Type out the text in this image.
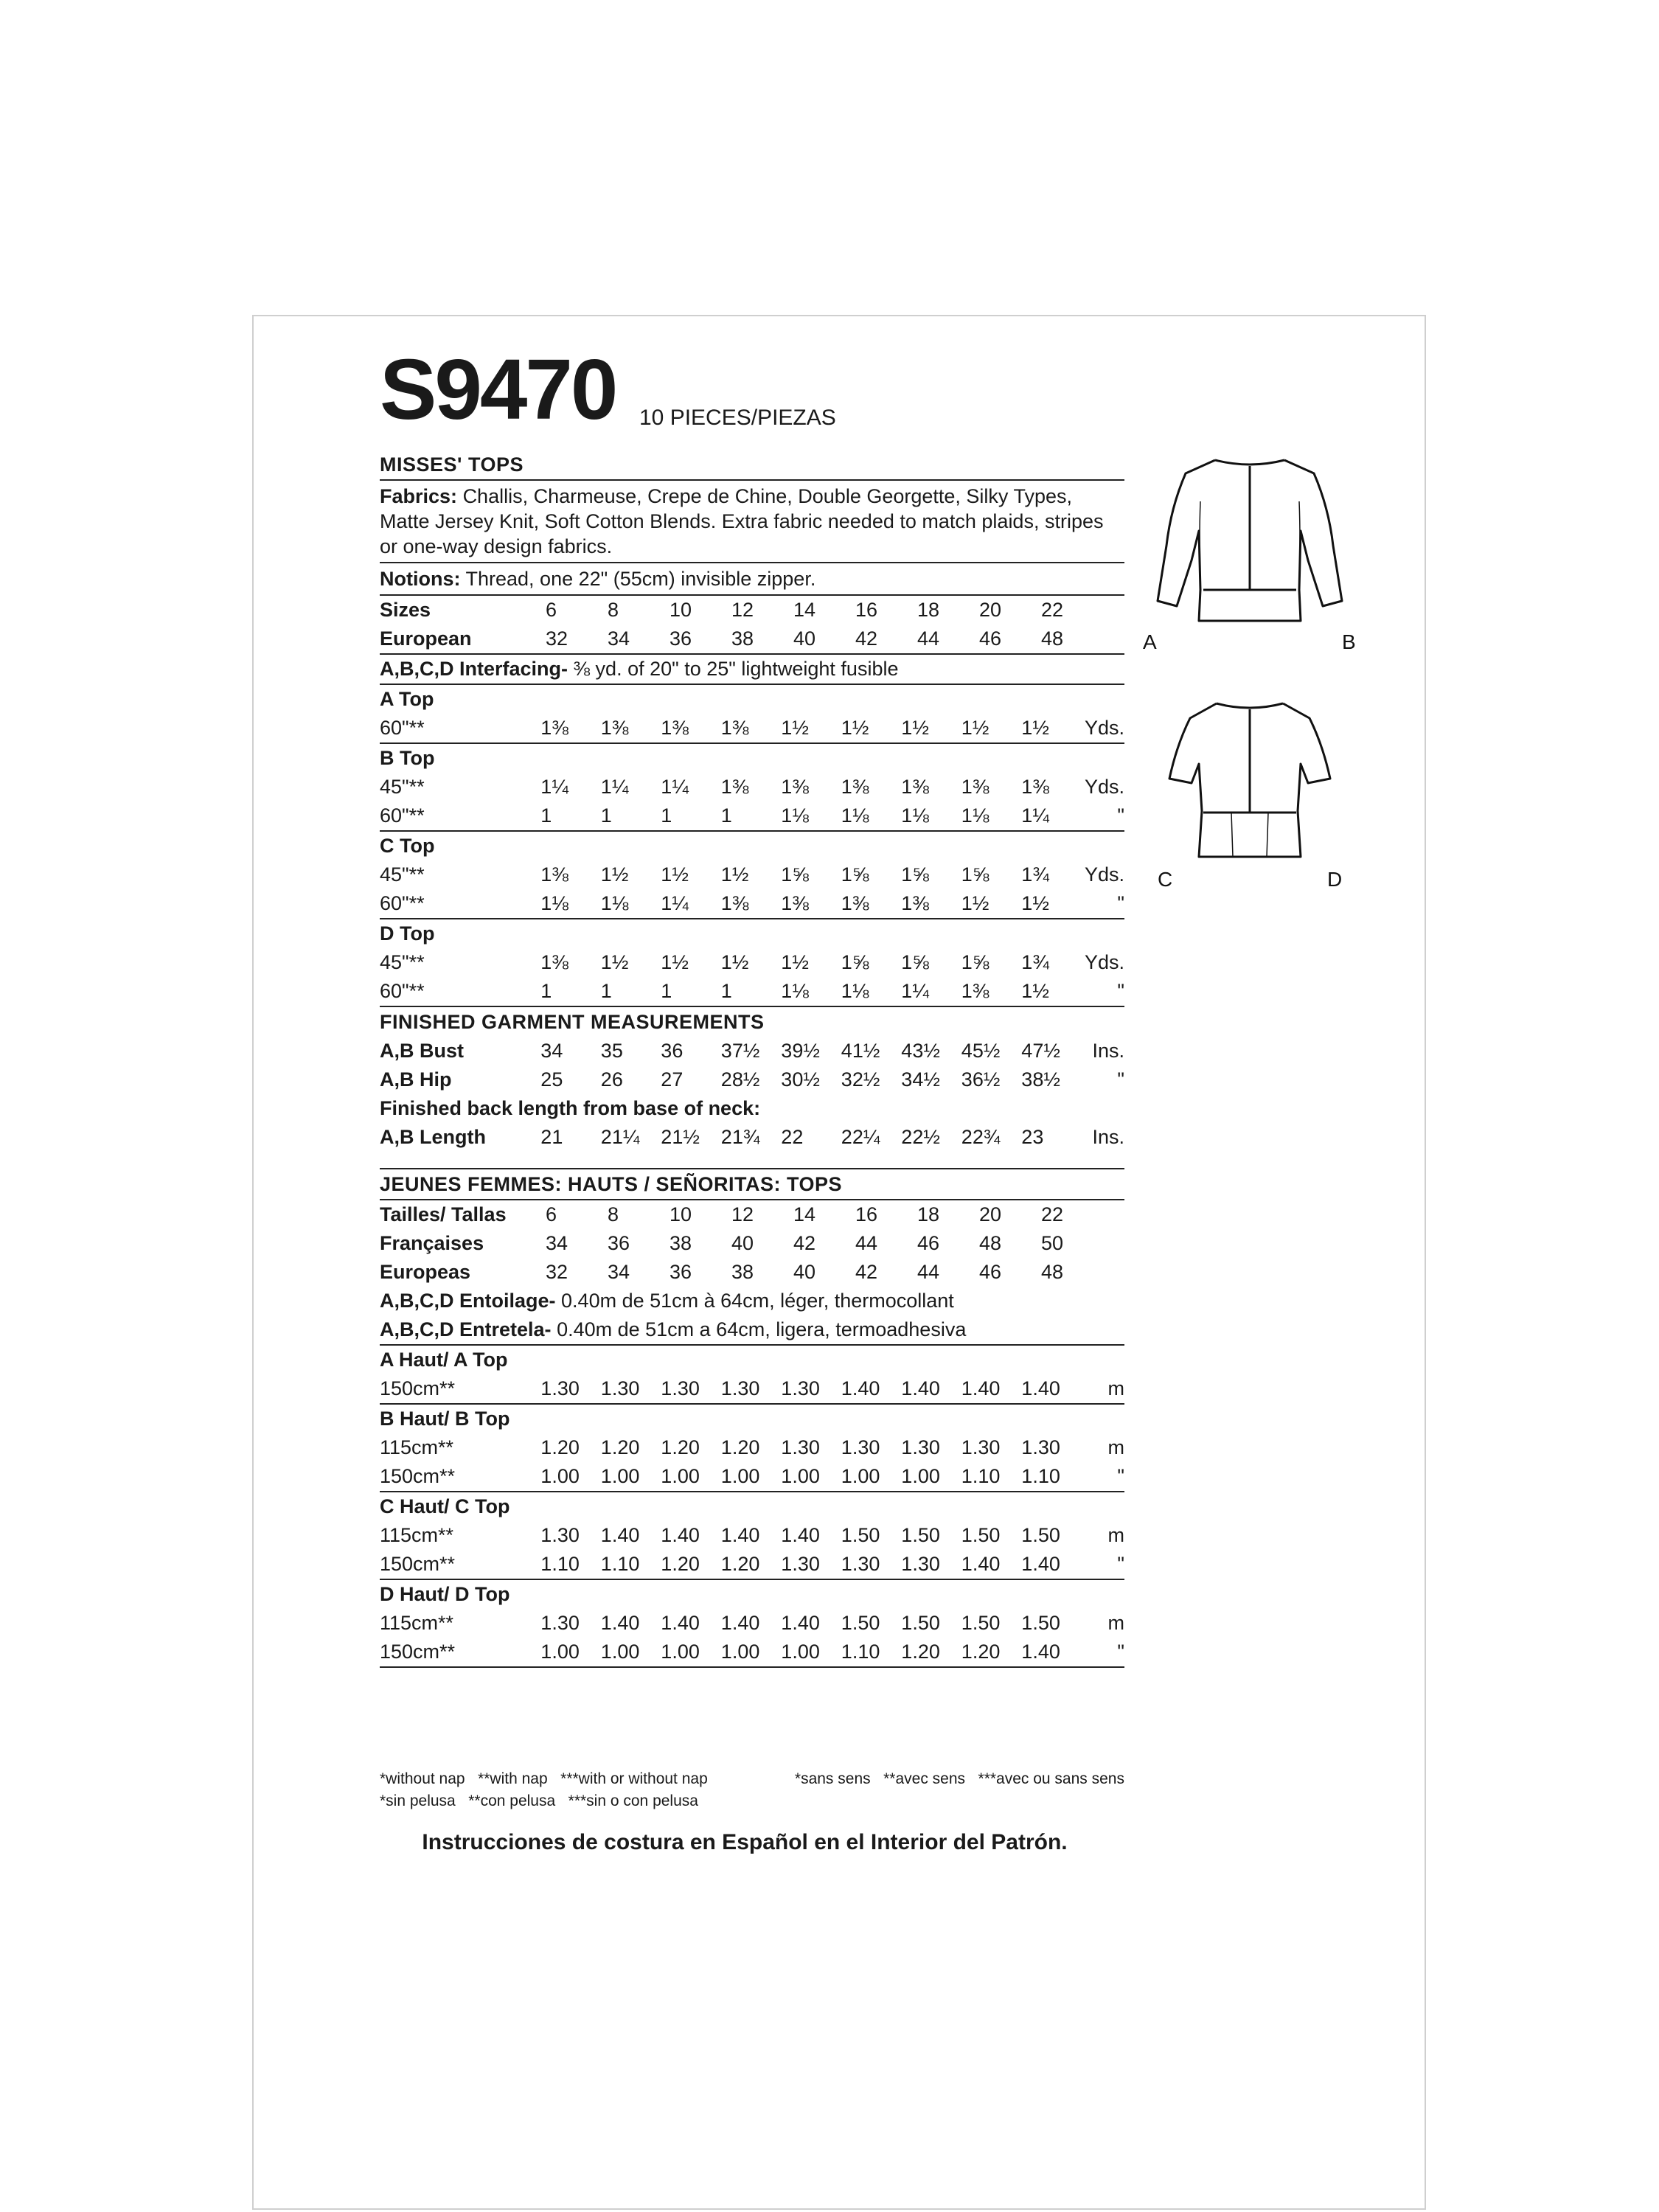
S9470 10 PIECES/PIEZAS
MISSES' TOPS
Fabrics: Challis, Charmeuse, Crepe de Chine, Double Georgette, Silky Types, Matte Jersey Knit, Soft Cotton Blends. Extra fabric needed to match plaids, stripes or one-way design fabrics.
Notions: Thread, one 22" (55cm) invisible zipper.
Sizes	6	8	10	12	14	16	18	20	22
European	32	34	36	38	40	42	44	46	48
A,B,C,D Interfacing- ⅜ yd. of 20" to 25" lightweight fusible
A Top
60"**	1⅜	1⅜	1⅜	1⅜	1½	1½	1½	1½	1½	Yds.
B Top
45"**	1¼	1¼	1¼	1⅜	1⅜	1⅜	1⅜	1⅜	1⅜	Yds.
60"**	1	1	1	1	1⅛	1⅛	1⅛	1⅛	1¼	"
C Top
45"**	1⅜	1½	1½	1½	1⅝	1⅝	1⅝	1⅝	1¾	Yds.
60"**	1⅛	1⅛	1¼	1⅜	1⅜	1⅜	1⅜	1½	1½	"
D Top
45"**	1⅜	1½	1½	1½	1½	1⅝	1⅝	1⅝	1¾	Yds.
60"**	1	1	1	1	1⅛	1⅛	1¼	1⅜	1½	"
FINISHED GARMENT MEASUREMENTS
A,B Bust	34	35	36	37½	39½	41½	43½	45½	47½	Ins.
A,B Hip	25	26	27	28½	30½	32½	34½	36½	38½	"
Finished back length from base of neck:
A,B Length	21	21¼	21½	21¾	22	22¼	22½	22¾	23	Ins.
JEUNES FEMMES: HAUTS / SEÑORITAS: TOPS
Tailles/ Tallas	6	8	10	12	14	16	18	20	22
Françaises	34	36	38	40	42	44	46	48	50
Europeas	32	34	36	38	40	42	44	46	48
A,B,C,D Entoilage- 0.40m de 51cm à 64cm, léger, thermocollant
A,B,C,D Entretela- 0.40m de 51cm a 64cm, ligera, termoadhesiva
A Haut/ A Top
150cm**	1.30	1.30	1.30	1.30	1.30	1.40	1.40	1.40	1.40	m
B Haut/ B Top
115cm**	1.20	1.20	1.20	1.20	1.30	1.30	1.30	1.30	1.30	m
150cm**	1.00	1.00	1.00	1.00	1.00	1.00	1.00	1.10	1.10	"
C Haut/ C Top
115cm**	1.30	1.40	1.40	1.40	1.40	1.50	1.50	1.50	1.50	m
150cm**	1.10	1.10	1.20	1.20	1.30	1.30	1.30	1.40	1.40	"
D Haut/ D Top
115cm**	1.30	1.40	1.40	1.40	1.40	1.50	1.50	1.50	1.50	m
150cm**	1.00	1.00	1.00	1.00	1.00	1.10	1.20	1.20	1.40	"
*without nap   **with nap   ***with or without nap	*sans sens   **avec sens   ***avec ou sans sens
*sin pelusa   **con pelusa   ***sin o con pelusa
Instrucciones de costura en Español en el Interior del Patrón.
A	B
C	D
